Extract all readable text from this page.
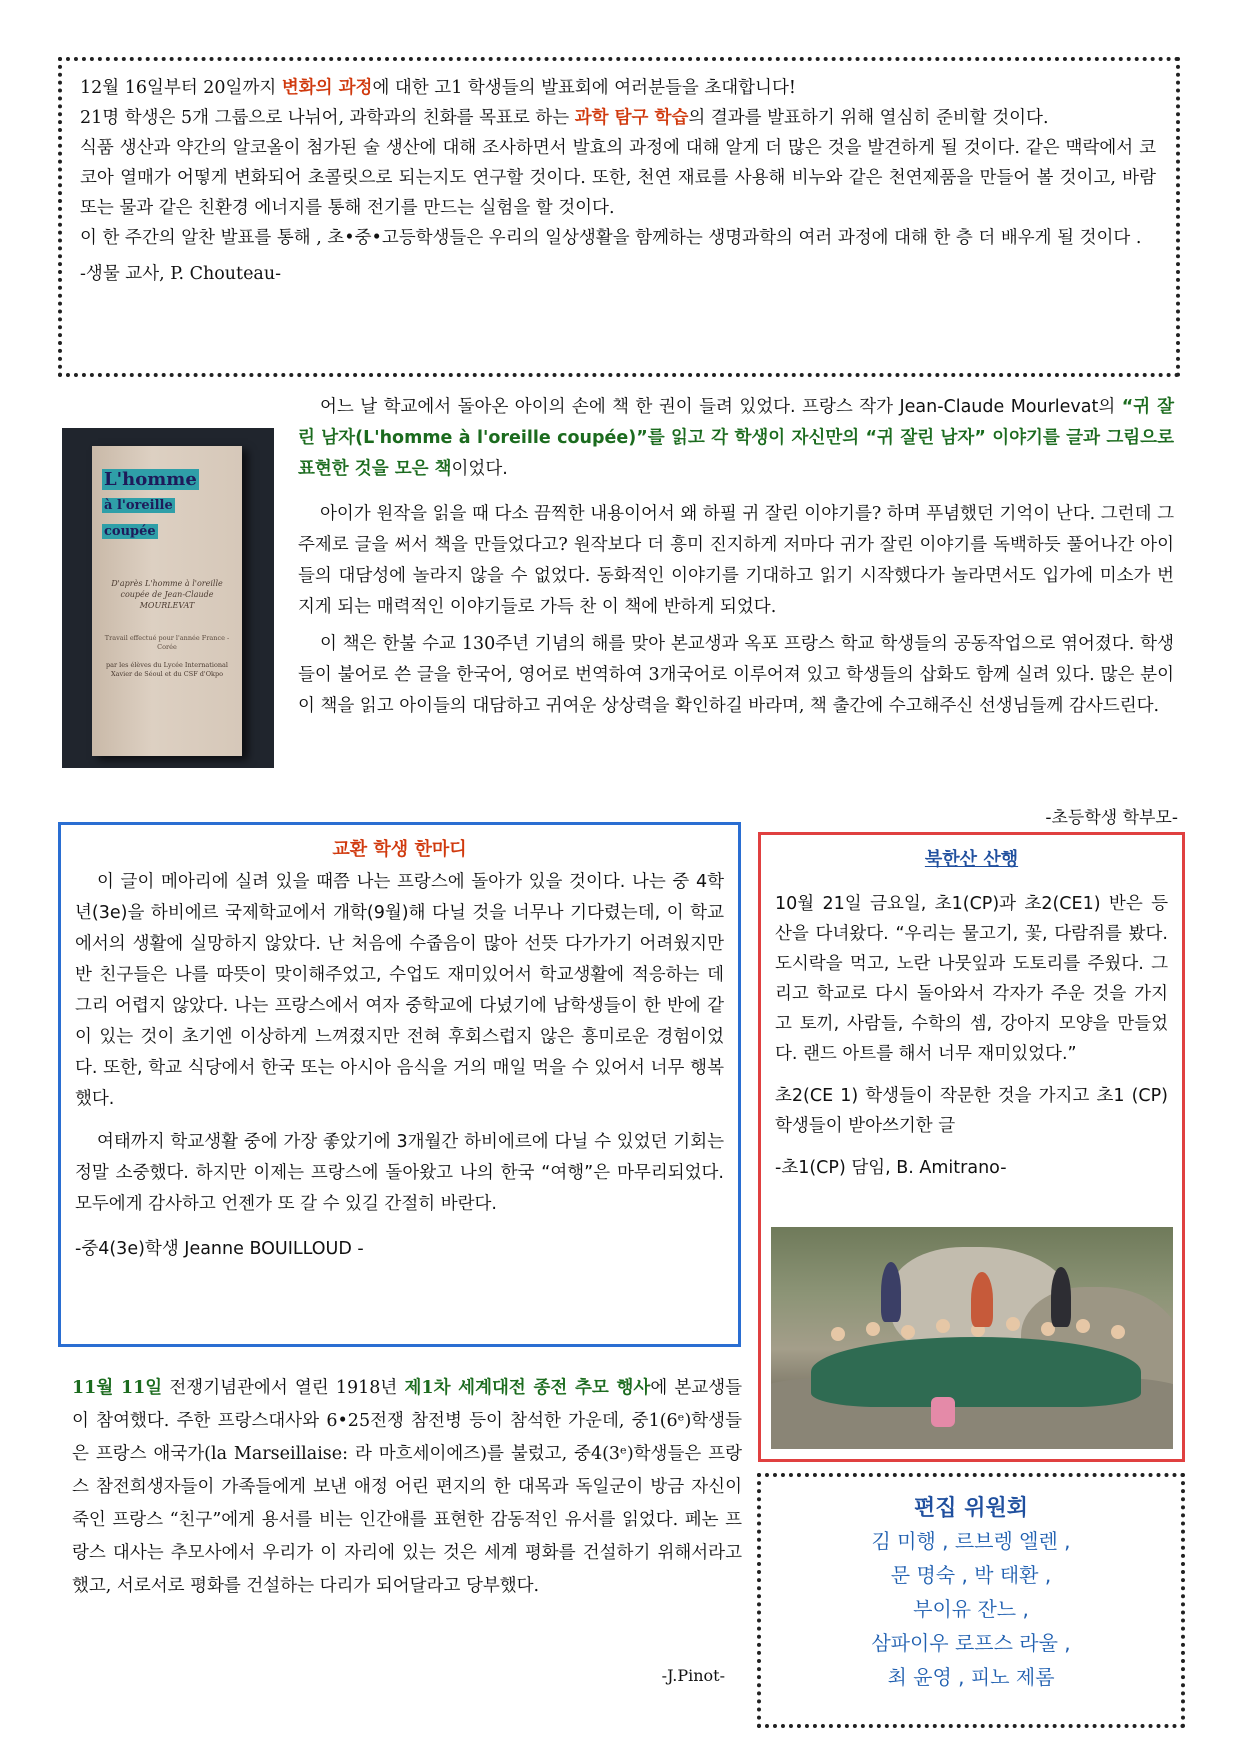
12월 16일부터 20일까지 변화의 과정에 대한 고1 학생들의 발표회에 여러분들을 초대합니다!

21명 학생은 5개 그룹으로 나뉘어, 과학과의 친화를 목표로 하는 과학 탐구 학습의 결과를 발표하기 위해 열심히 준비할 것이다.

식품 생산과 약간의 알코올이 첨가된 술 생산에 대해 조사하면서 발효의 과정에 대해 알게 더 많은 것을 발견하게 될 것이다. 같은 맥락에서 코코아 열매가 어떻게 변화되어 초콜릿으로 되는지도 연구할 것이다. 또한, 천연 재료를 사용해 비누와 같은 천연제품을 만들어 볼 것이고, 바람 또는 물과 같은 친환경 에너지를 통해 전기를 만드는 실험을 할 것이다.

이 한 주간의 알찬 발표를 통해 , 초•중•고등학생들은 우리의 일상생활을 함께하는 생명과학의 여러 과정에 대해 한 층 더 배우게 될 것이다 .

-생물 교사, P. Chouteau-

L'homme
à l'oreille
coupée
D'après L'homme à l'oreille coupée de Jean-Claude MOURLEVAT
Travail effectué pour l'année France - Corée
par les élèves du Lycée International Xavier de Séoul et du CSF d'Okpo

어느 날 학교에서 돌아온 아이의 손에 책 한 권이 들려 있었다. 프랑스 작가 Jean-Claude Mourlevat의 “귀 잘린 남자(L'homme à l'oreille coupée)”를 읽고 각 학생이 자신만의 “귀 잘린 남자” 이야기를 글과 그림으로 표현한 것을 모은 책이었다.

아이가 원작을 읽을 때 다소 끔찍한 내용이어서 왜 하필 귀 잘린 이야기를? 하며 푸념했던 기억이 난다. 그런데 그 주제로 글을 써서 책을 만들었다고? 원작보다 더 흥미 진지하게 저마다 귀가 잘린 이야기를 독백하듯 풀어나간 아이들의 대담성에 놀라지 않을 수 없었다. 동화적인 이야기를 기대하고 읽기 시작했다가 놀라면서도 입가에 미소가 번지게 되는 매력적인 이야기들로 가득 찬 이 책에 반하게 되었다.

이 책은 한불 수교 130주년 기념의 해를 맞아 본교생과 옥포 프랑스 학교 학생들의 공동작업으로 엮어졌다. 학생들이 불어로 쓴 글을 한국어, 영어로 번역하여 3개국어로 이루어져 있고 학생들의 삽화도 함께 실려 있다. 많은 분이 이 책을 읽고 아이들의 대담하고 귀여운 상상력을 확인하길 바라며, 책 출간에 수고해주신 선생님들께 감사드린다.

-초등학생 학부모-
교환 학생 한마디

이 글이 메아리에 실려 있을 때쯤 나는 프랑스에 돌아가 있을 것이다. 나는 중 4학년(3e)을 하비에르 국제학교에서 개학(9월)해 다닐 것을 너무나 기다렸는데, 이 학교에서의 생활에 실망하지 않았다. 난 처음에 수줍음이 많아 선뜻 다가가기 어려웠지만 반 친구들은 나를 따뜻이 맞이해주었고, 수업도 재미있어서 학교생활에 적응하는 데 그리 어렵지 않았다. 나는 프랑스에서 여자 중학교에 다녔기에 남학생들이 한 반에 같이 있는 것이 초기엔 이상하게 느껴졌지만 전혀 후회스럽지 않은 흥미로운 경험이었다. 또한, 학교 식당에서 한국 또는 아시아 음식을 거의 매일 먹을 수 있어서 너무 행복했다.

여태까지 학교생활 중에 가장 좋았기에 3개월간 하비에르에 다닐 수 있었던 기회는 정말 소중했다. 하지만 이제는 프랑스에 돌아왔고 나의 한국 “여행”은 마무리되었다. 모두에게 감사하고 언젠가 또 갈 수 있길 간절히 바란다.

-중4(3e)학생 Jeanne BOUILLOUD -

북한산 산행

10월 21일 금요일, 초1(CP)과 초2(CE1) 반은 등산을 다녀왔다. “우리는 물고기, 꽃, 다람쥐를 봤다. 도시락을 먹고, 노란 나뭇잎과 도토리를 주웠다. 그리고 학교로 다시 돌아와서 각자가 주운 것을 가지고 토끼, 사람들, 수학의 셈, 강아지 모양을 만들었다. 랜드 아트를 해서 너무 재미있었다.”

초2(CE 1) 학생들이 작문한 것을 가지고 초1 (CP)학생들이 받아쓰기한 글

-초1(CP) 담임, B. Amitrano-

11월 11일 전쟁기념관에서 열린 1918년 제1차 세계대전 종전 추모 행사에 본교생들이 참여했다. 주한 프랑스대사와 6•25전쟁 참전병 등이 참석한 가운데, 중1(6ᵉ)학생들은 프랑스 애국가(la Marseillaise: 라 마흐세이에즈)를 불렀고, 중4(3ᵉ)학생들은 프랑스 참전희생자들이 가족들에게 보낸 애정 어린 편지의 한 대목과 독일군이 방금 자신이 죽인 프랑스 “친구”에게 용서를 비는 인간애를 표현한 감동적인 유서를 읽었다. 페논 프랑스 대사는 추모사에서 우리가 이 자리에 있는 것은 세계 평화를 건설하기 위해서라고 했고, 서로서로 평화를 건설하는 다리가 되어달라고 당부했다.

-J.Pinot-
편집 위원회
김 미행 , 르브렝 엘렌 ,
문 명숙 , 박 태환 ,
부이유 잔느 ,
삼파이우 로프스 라울 ,
최 윤영 , 피노 제롬
